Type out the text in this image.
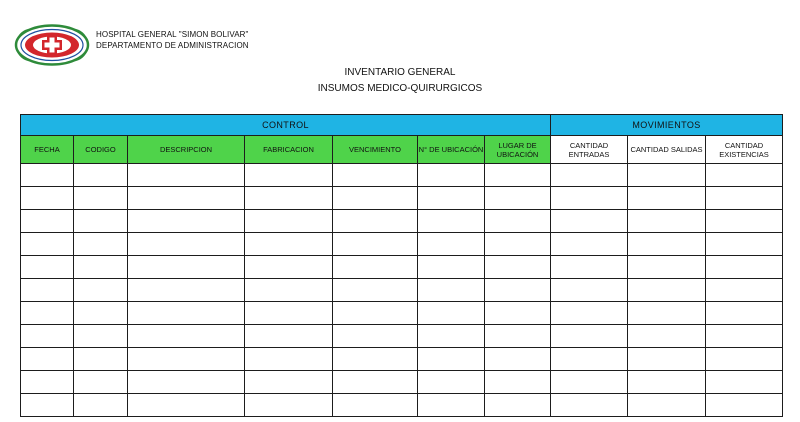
HOSPITAL GENERAL "SIMON BOLIVAR"
DEPARTAMENTO DE ADMINISTRACION
INVENTARIO GENERAL
INSUMOS MEDICO-QUIRURGICOS
CONTROL							MOVIMIENTOS		
FECHA	CODIGO	DESCRIPCION	FABRICACION	VENCIMIENTO	N° DE UBICACIÓN	LUGAR DE UBICACIÓN	CANTIDAD ENTRADAS	CANTIDAD SALIDAS	CANTIDAD EXISTENCIAS
